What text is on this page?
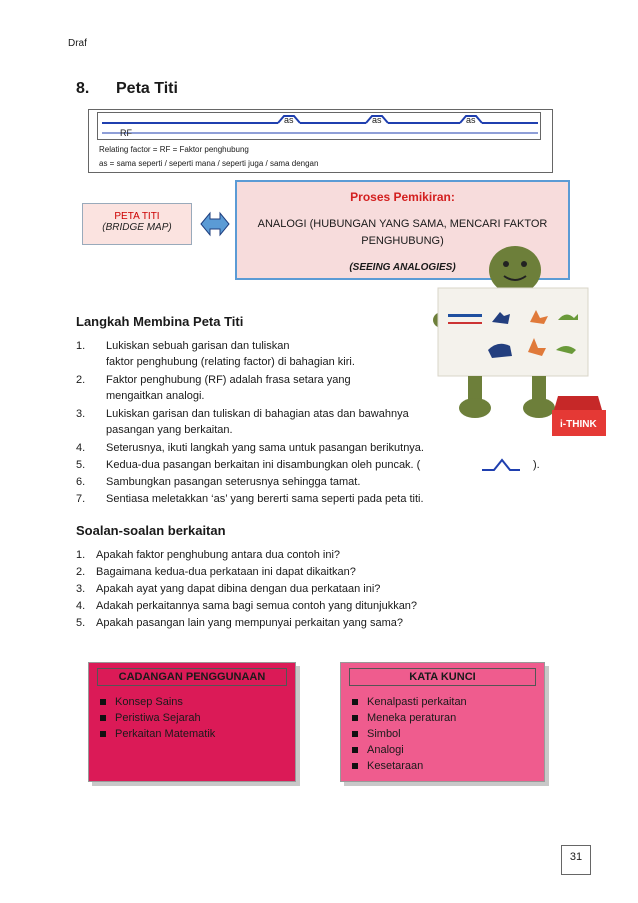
Draf
8. Peta Titi
RF
as	as	as
Relating factor = RF = Faktor penghubung
as = sama seperti / seperti mana / seperti juga / sama dengan
PETA TITI
(BRIDGE MAP)
Proses Pemikiran:
ANALOGI (HUBUNGAN YANG SAMA, MENCARI FAKTOR PENGHUBUNG)
(SEEING ANALOGIES)
i-THINK
Langkah Membina Peta Titi
1. Lukiskan sebuah garisan dan tuliskan
faktor penghubung (relating factor) di bahagian kiri.
2. Faktor penghubung (RF) adalah frasa setara yang
mengaitkan analogi.
3. Lukiskan garisan dan tuliskan di bahagian atas dan bawahnya
pasangan yang berkaitan.
4. Seterusnya, ikuti langkah yang sama untuk pasangan berikutnya.
5. Kedua-dua pasangan berkaitan ini disambungkan oleh puncak. (	).
6. Sambungkan pasangan seterusnya sehingga tamat.
7. Sentiasa meletakkan ‘as’ yang bererti sama seperti pada peta titi.
Soalan-soalan berkaitan
1. Apakah faktor penghubung antara dua contoh ini?
2. Bagaimana kedua-dua perkataan ini dapat dikaitkan?
3. Apakah ayat yang dapat dibina dengan dua perkataan ini?
4. Adakah perkaitannya sama bagi semua contoh yang ditunjukkan?
5. Apakah pasangan lain yang mempunyai perkaitan yang sama?
CADANGAN PENGGUNAAN
Konsep Sains
Peristiwa Sejarah
Perkaitan Matematik
KATA KUNCI
Kenalpasti perkaitan
Meneka peraturan
Simbol
Analogi
Kesetaraan
31
